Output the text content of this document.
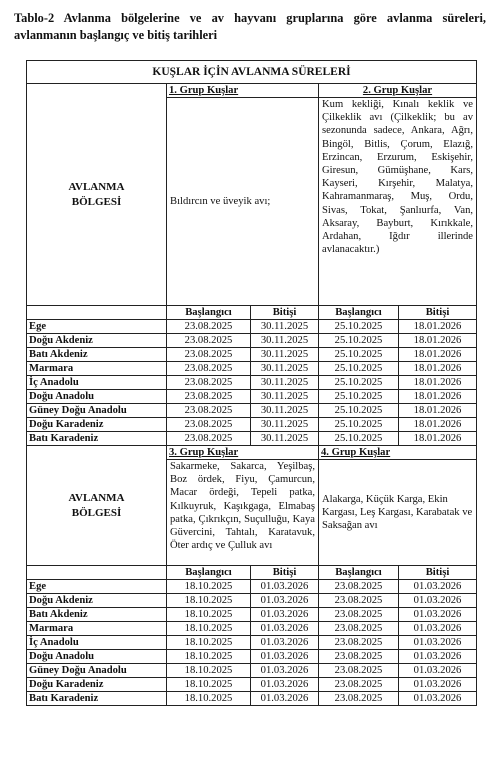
Tablo-2 Avlanma bölgelerine ve av hayvanı gruplarına göre avlanma süreleri,
avlanmanın başlangıç ve bitiş tarihleri
KUŞLAR İÇİN AVLANMA SÜRELERİ				
AVLANMA
BÖLGESİ	1. Grup Kuşlar		2. Grup Kuşlar	
	Bıldırcın ve üveyik avı;		Kum kekliği, Kınalı keklik ve Çilkeklik avı (Çilkeklik; bu av sezonunda sadece, Ankara, Ağrı, Bingöl, Bitlis, Çorum, Elazığ, Erzincan, Erzurum, Eskişehir, Giresun, Gümüşhane, Kars, Kayseri, Kırşehir, Malatya, Kahramanmaraş, Muş, Ordu, Sivas, Tokat, Şanlıurfa, Van, Aksaray, Bayburt, Kırıkkale, Ardahan, Iğdır illerinde avlanacaktır.)	
	Başlangıcı	Bitişi	Başlangıcı	Bitişi
Ege	23.08.2025	30.11.2025	25.10.2025	18.01.2026
Doğu Akdeniz	23.08.2025	30.11.2025	25.10.2025	18.01.2026
Batı Akdeniz	23.08.2025	30.11.2025	25.10.2025	18.01.2026
Marmara	23.08.2025	30.11.2025	25.10.2025	18.01.2026
İç Anadolu	23.08.2025	30.11.2025	25.10.2025	18.01.2026
Doğu Anadolu	23.08.2025	30.11.2025	25.10.2025	18.01.2026
Güney Doğu Anadolu	23.08.2025	30.11.2025	25.10.2025	18.01.2026
Doğu Karadeniz	23.08.2025	30.11.2025	25.10.2025	18.01.2026
Batı Karadeniz	23.08.2025	30.11.2025	25.10.2025	18.01.2026
AVLANMA
BÖLGESİ	3. Grup Kuşlar		4. Grup Kuşlar	
	Sakarmeke, Sakarca, Yeşilbaş, Boz ördek, Fiyu, Çamurcun, Macar ördeği, Tepeli patka, Kılkuyruk, Kaşıkgaga, Elmabaş patka, Çıkrıkçın, Suçulluğu, Kaya Güvercini, Tahtalı, Karatavuk, Öter ardıç ve Çulluk avı		Alakarga, Küçük Karga, Ekin Kargası, Leş Kargası, Karabatak ve Saksağan avı	
	Başlangıcı	Bitişi	Başlangıcı	Bitişi
Ege	18.10.2025	01.03.2026	23.08.2025	01.03.2026
Doğu Akdeniz	18.10.2025	01.03.2026	23.08.2025	01.03.2026
Batı Akdeniz	18.10.2025	01.03.2026	23.08.2025	01.03.2026
Marmara	18.10.2025	01.03.2026	23.08.2025	01.03.2026
İç Anadolu	18.10.2025	01.03.2026	23.08.2025	01.03.2026
Doğu Anadolu	18.10.2025	01.03.2026	23.08.2025	01.03.2026
Güney Doğu Anadolu	18.10.2025	01.03.2026	23.08.2025	01.03.2026
Doğu Karadeniz	18.10.2025	01.03.2026	23.08.2025	01.03.2026
Batı Karadeniz	18.10.2025	01.03.2026	23.08.2025	01.03.2026
